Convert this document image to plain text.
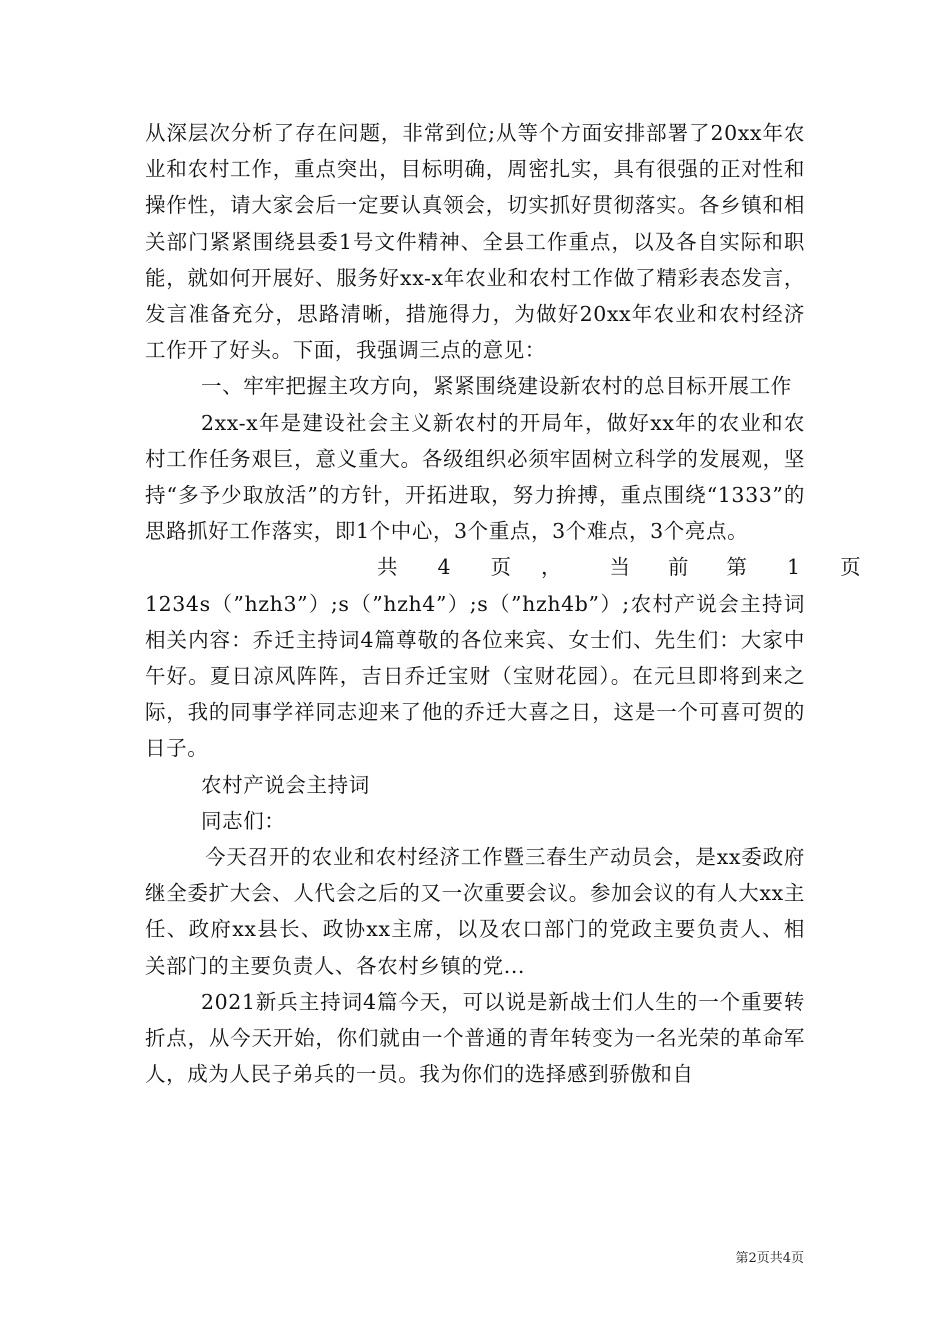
从深层次分析了存在问题，非常到位;从等个方面安排部署了20xx年农业和农村工作，重点突出，目标明确，周密扎实，具有很强的正对性和操作性，请大家会后一定要认真领会，切实抓好贯彻落实。各乡镇和相关部门紧紧围绕县委1号文件精神、全县工作重点，以及各自实际和职能，就如何开展好、服务好xx-x年农业和农村工作做了精彩表态发言，发言准备充分，思路清晰，措施得力，为做好20xx年农业和农村经济工作开了好头。下面，我强调三点的意见：

一、牢牢把握主攻方向，紧紧围绕建设新农村的总目标开展工作

2xx-x年是建设社会主义新农村的开局年，做好xx年的农业和农村工作任务艰巨，意义重大。各级组织必须牢固树立科学的发展观，坚持“多予少取放活”的方针，开拓进取，努力拚搏，重点围绕“1333”的思路抓好工作落实，即1个中心，3个重点，3个难点，3个亮点。

共 4 页 ， 当 前 第 1 页

1234s（”hzh3”）;s（”hzh4”）;s（”hzh4b”）;农村产说会主持词相关内容：乔迁主持词4篇尊敬的各位来宾、女士们、先生们：大家中午好。夏日凉风阵阵，吉日乔迁宝财（宝财花园）。在元旦即将到来之际，我的同事学祥同志迎来了他的乔迁大喜之日，这是一个可喜可贺的日子。

农村产说会主持词

同志们：

今天召开的农业和农村经济工作暨三春生产动员会，是xx委政府继全委扩大会、人代会之后的又一次重要会议。参加会议的有人大xx主任、政府xx县长、政协xx主席，以及农口部门的党政主要负责人、相关部门的主要负责人、各农村乡镇的党...

2021新兵主持词4篇今天，可以说是新战士们人生的一个重要转折点，从今天开始，你们就由一个普通的青年转变为一名光荣的革命军人，成为人民子弟兵的一员。我为你们的选择感到骄傲和自

第2页共4页
